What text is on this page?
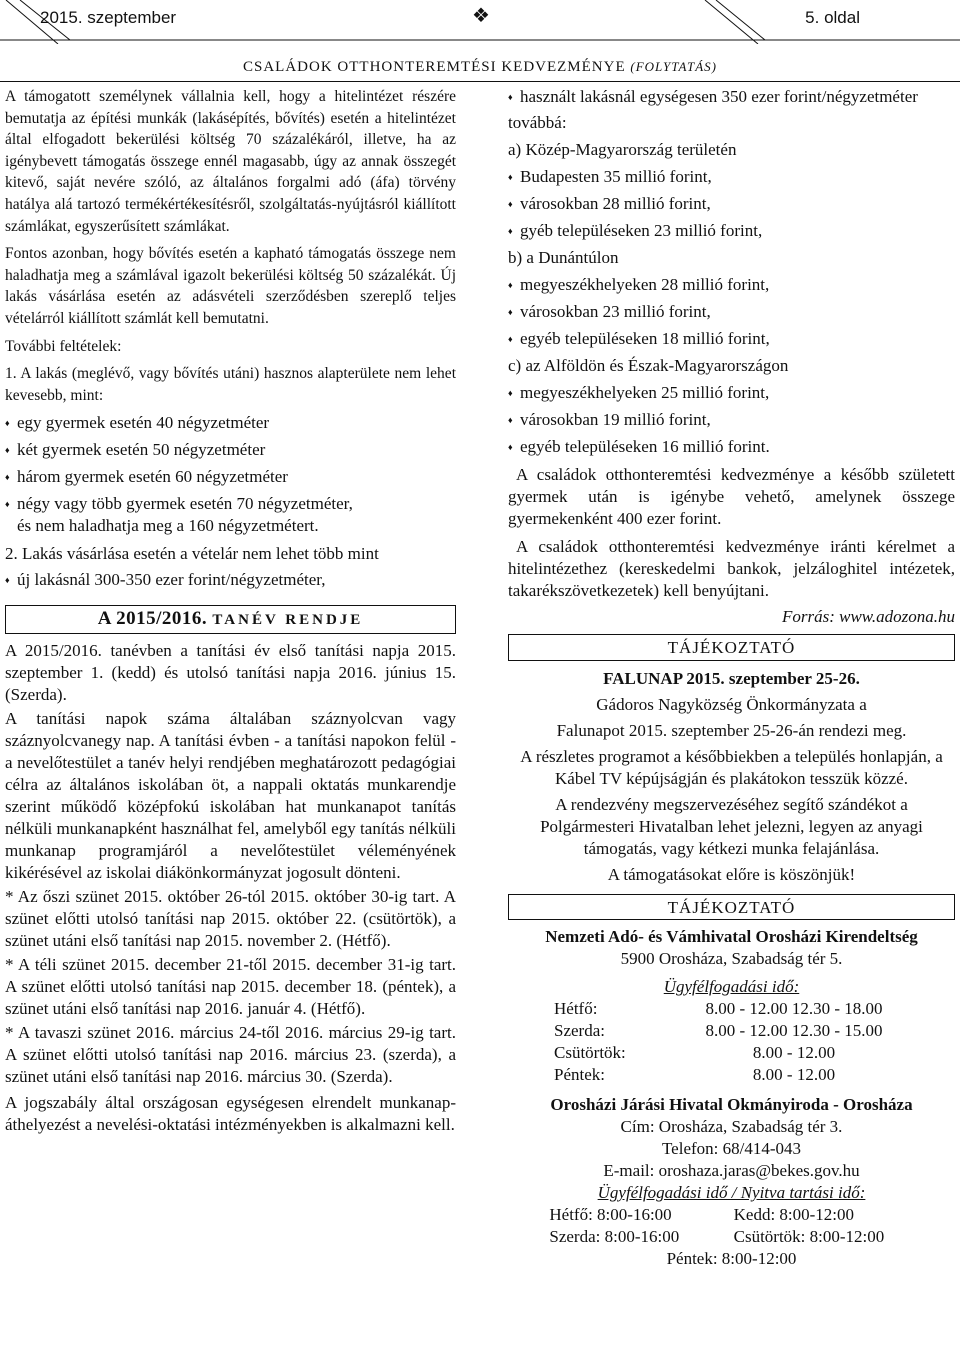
2015. szeptember	❖	5. oldal
CSALÁDOK OTTHONTEREMTÉSI KEDVEZMÉNYE (FOLYTATÁS)

A támogatott személynek vállalnia kell, hogy a hitelintézet részére bemutatja az építési munkák (lakásépítés, bővítés) esetén a hitelintézet által elfogadott bekerülési költség 70 százalékáról, illetve, ha az igénybevett támogatás összege ennél magasabb, úgy az annak összegét kitevő, saját nevére szóló, az általános forgalmi adó (áfa) törvény hatálya alá tartozó termékértékesítésről, szolgáltatás-nyújtásról kiállított számlákat, egyszerűsített számlákat.

Fontos azonban, hogy bővítés esetén a kapható támogatás összege nem haladhatja meg a számlával igazolt bekerülési költség 50 százalékát. Új lakás vásárlása esetén az adásvételi szerződésben szereplő teljes vételárról kiállított számlát kell bemutatni.

További feltételek:

1. A lakás (meglévő, vagy bővítés utáni) hasznos alapterülete nem lehet kevesebb, mint:

♦ egy gyermek esetén 40 négyzetméter
♦ két gyermek esetén 50 négyzetméter
♦ három gyermek esetén 60 négyzetméter
♦ négy vagy több gyermek esetén 70 négyzetméter,
és nem haladhatja meg a 160 négyzetmétert.

2. Lakás vásárlása esetén a vételár nem lehet több mint

♦ új lakásnál 300-350 ezer forint/négyzetméter,
A 2015/2016. TANÉV RENDJE

A 2015/2016. tanévben a tanítási év első tanítási napja 2015. szeptember 1. (kedd) és utolsó tanítási napja 2016. június 15. (Szerda).

A tanítási napok száma általában száznyolcvan vagy száznyolcvanegy nap. A tanítási évben - a tanítási napokon felül - a nevelőtestület a tanév helyi rendjében meghatározott pedagógiai célra az általános iskolában öt, a nappali oktatás munkarendje szerint működő középfokú iskolában hat munkanapot tanítás nélküli munkanapként használhat fel, amelyből egy tanítás nélküli munkanap programjáról a nevelőtestület véleményének kikérésével az iskolai diákönkormányzat jogosult dönteni.

* Az őszi szünet 2015. október 26-tól 2015. október 30-ig tart. A szünet előtti utolsó tanítási nap 2015. október 22. (csütörtök), a szünet utáni első tanítási nap 2015. november 2. (Hétfő).

* A téli szünet 2015. december 21-től 2015. december 31-ig tart. A szünet előtti utolsó tanítási nap 2015. december 18. (péntek), a szünet utáni első tanítási nap 2016. január 4. (Hétfő).

* A tavaszi szünet 2016. március 24-től 2016. március 29-ig tart. A szünet előtti utolsó tanítási nap 2016. március 23. (szerda), a szünet utáni első tanítási nap 2016. március 30. (Szerda).

A jogszabály által országosan egységesen elrendelt munkanap-áthelyezést a nevelési-oktatási intézményekben is alkalmazni kell.

♦ használt lakásnál egységesen 350 ezer forint/négyzetméter
továbbá:
a) Közép-Magyarország területén
♦ Budapesten 35 millió forint,
♦ városokban 28 millió forint,
♦ gyéb településeken 23 millió forint,
b) a Dunántúlon
♦ megyeszékhelyeken 28 millió forint,
♦ városokban 23 millió forint,
♦ egyéb településeken 18 millió forint,
c) az Alföldön és Észak-Magyarországon
♦ megyeszékhelyeken 25 millió forint,
♦ városokban 19 millió forint,
♦ egyéb településeken 16 millió forint.

A családok otthonteremtési kedvezménye a később született gyermek után is igénybe vehető, amelynek összege gyermekenként 400 ezer forint.

A családok otthonteremtési kedvezménye iránti kérelmet a hitelintézethez (kereskedelmi bankok, jelzáloghitel intézetek, takarékszövetkezetek) kell benyújtani.

Forrás: www.adozona.hu
TÁJÉKOZTATÓ
FALUNAP 2015. szeptember 25-26.
Gádoros Nagyközség Önkormányzata a
Falunapot 2015. szeptember 25-26-án rendezi meg.
A részletes programot a későbbiekben a település honlapján, a Kábel TV képújságján és plakátokon tesszük közzé.
A rendezvény megszervezéséhez segítő szándékot a Polgármesteri Hivatalban lehet jelezni, legyen az anyagi támogatás, vagy kétkezi munka felajánlása.
A támogatásokat előre is köszönjük!
TÁJÉKOZTATÓ
Nemzeti Adó- és Vámhivatal Orosházi Kirendeltség
5900 Orosháza, Szabadság tér 5.
Ügyfélfogadási idő:
Hétfő:	8.00 - 12.00 12.30 - 18.00
Szerda:	8.00 - 12.00 12.30 - 15.00
Csütörtök:	8.00 - 12.00
Péntek:	8.00 - 12.00
Orosházi Járási Hivatal Okmányiroda - Orosháza
Cím: Orosháza, Szabadság tér 3.
Telefon: 68/414-043
E-mail: oroshaza.jaras@bekes.gov.hu
Ügyfélfogadási idő / Nyitva tartási idő:
Hétfő: 8:00-16:00	Kedd: 8:00-12:00
Szerda: 8:00-16:00	Csütörtök: 8:00-12:00
Péntek: 8:00-12:00
